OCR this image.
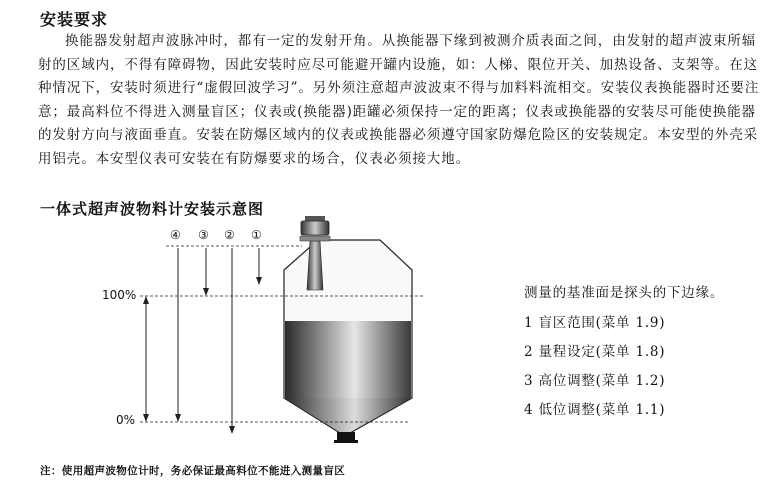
安装要求

换能器发射超声波脉冲时，都有一定的发射开角。从换能器下缘到被测介质表面之间，由发射的超声波束所辐射的区域内，不得有障碍物，因此安装时应尽可能避开罐内设施，如：人梯、限位开关、加热设备、支架等。在这种情况下，安装时须进行“虚假回波学习”。另外须注意超声波波束不得与加料料流相交。安装仪表换能器时还要注意；最高料位不得进入测量盲区；仪表或(换能器)距罐必须保持一定的距离；仪表或换能器的安装尽可能使换能器的发射方向与液面垂直。安装在防爆区域内的仪表或换能器必须遵守国家防爆危险区的安装规定。本安型的外壳采用铝壳。本安型仪表可安装在有防爆要求的场合，仪表必须接大地。

一体式超声波物料计安装示意图
④ ③ ② ①
100%
0%
测量的基准面是探头的下边缘。
1 盲区范围(菜单 1.9)
2 量程设定(菜单 1.8)
3 高位调整(菜单 1.2)
4 低位调整(菜单 1.1)
注：使用超声波物位计时，务必保证最高料位不能进入测量盲区
